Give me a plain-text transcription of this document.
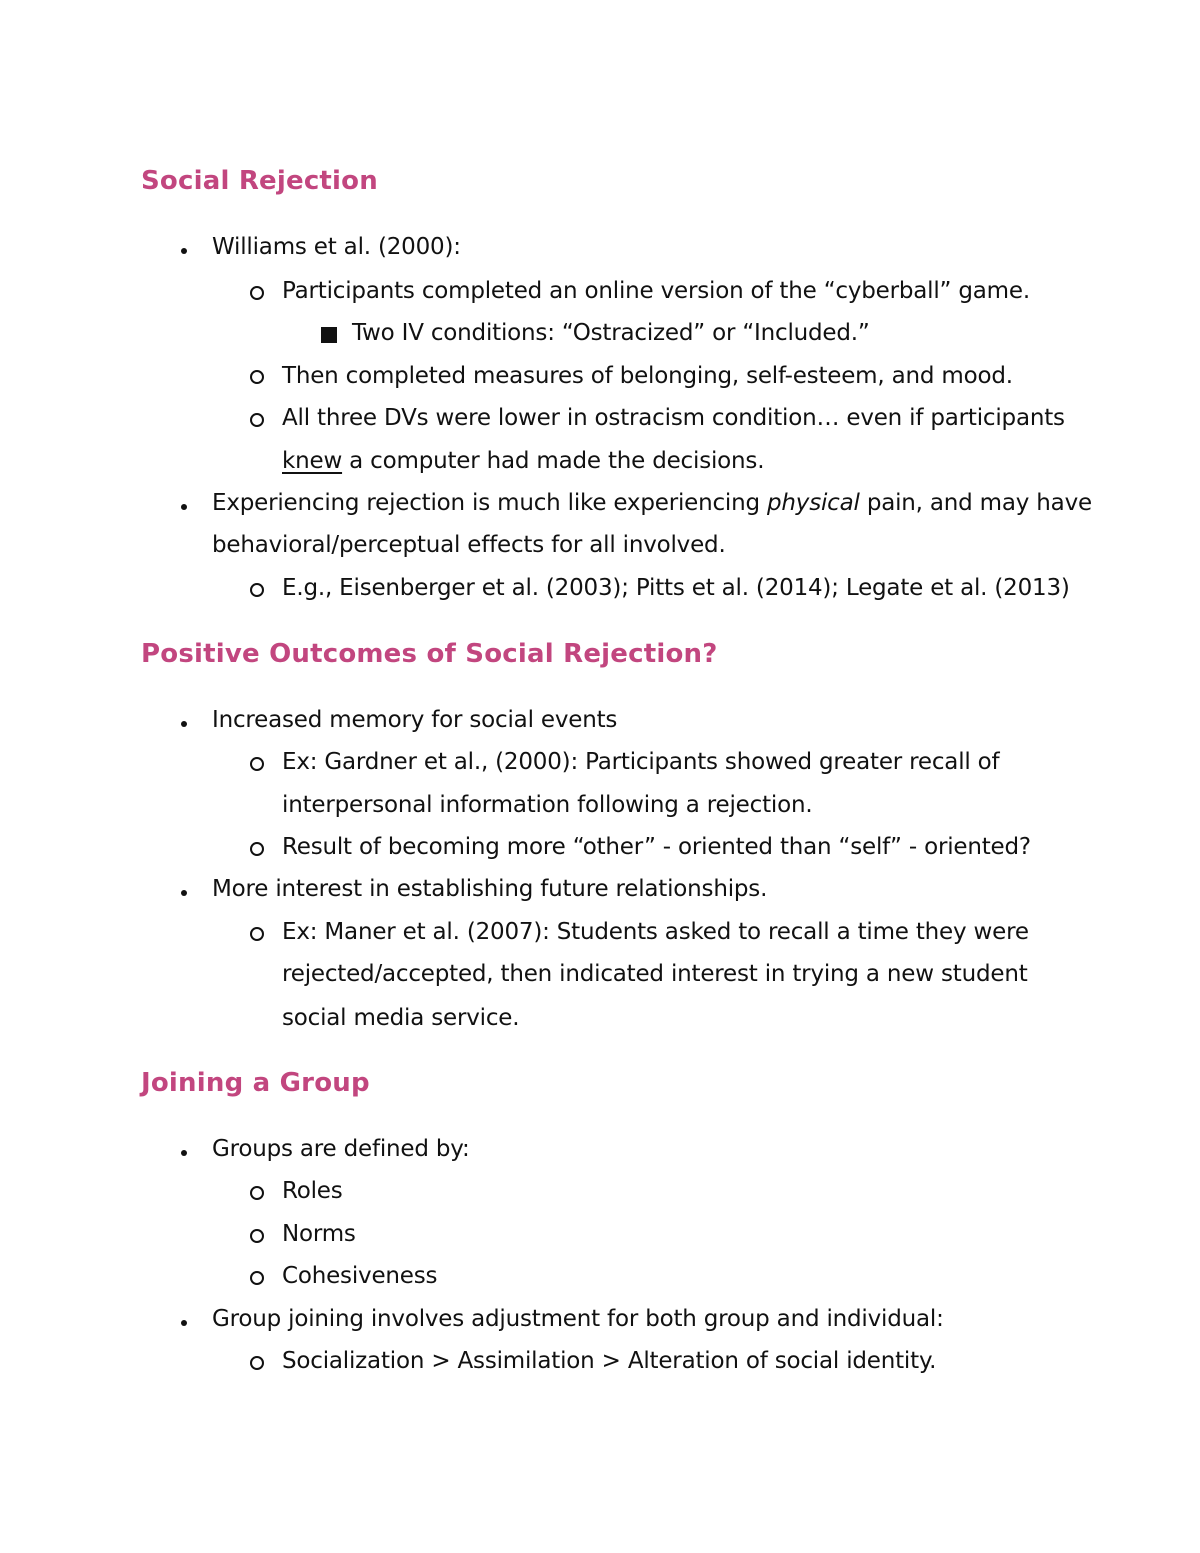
Social Rejection

Williams et al. (2000):

Participants completed an online version of the “cyberball” game.

Two IV conditions: “Ostracized” or “Included.”

Then completed measures of belonging, self-esteem, and mood.

All three DVs were lower in ostracism condition… even if participants

knew a computer had made the decisions.

Experiencing rejection is much like experiencing physical pain, and may have

behavioral/perceptual effects for all involved.

E.g., Eisenberger et al. (2003); Pitts et al. (2014); Legate et al. (2013)

Positive Outcomes of Social Rejection?

Increased memory for social events

Ex: Gardner et al., (2000): Participants showed greater recall of

interpersonal information following a rejection.

Result of becoming more “other” - oriented than “self” - oriented?

More interest in establishing future relationships.

Ex: Maner et al. (2007): Students asked to recall a time they were

rejected/accepted, then indicated interest in trying a new student

social media service.

Joining a Group

Groups are defined by:

Roles

Norms

Cohesiveness

Group joining involves adjustment for both group and individual:

Socialization > Assimilation > Alteration of social identity.
